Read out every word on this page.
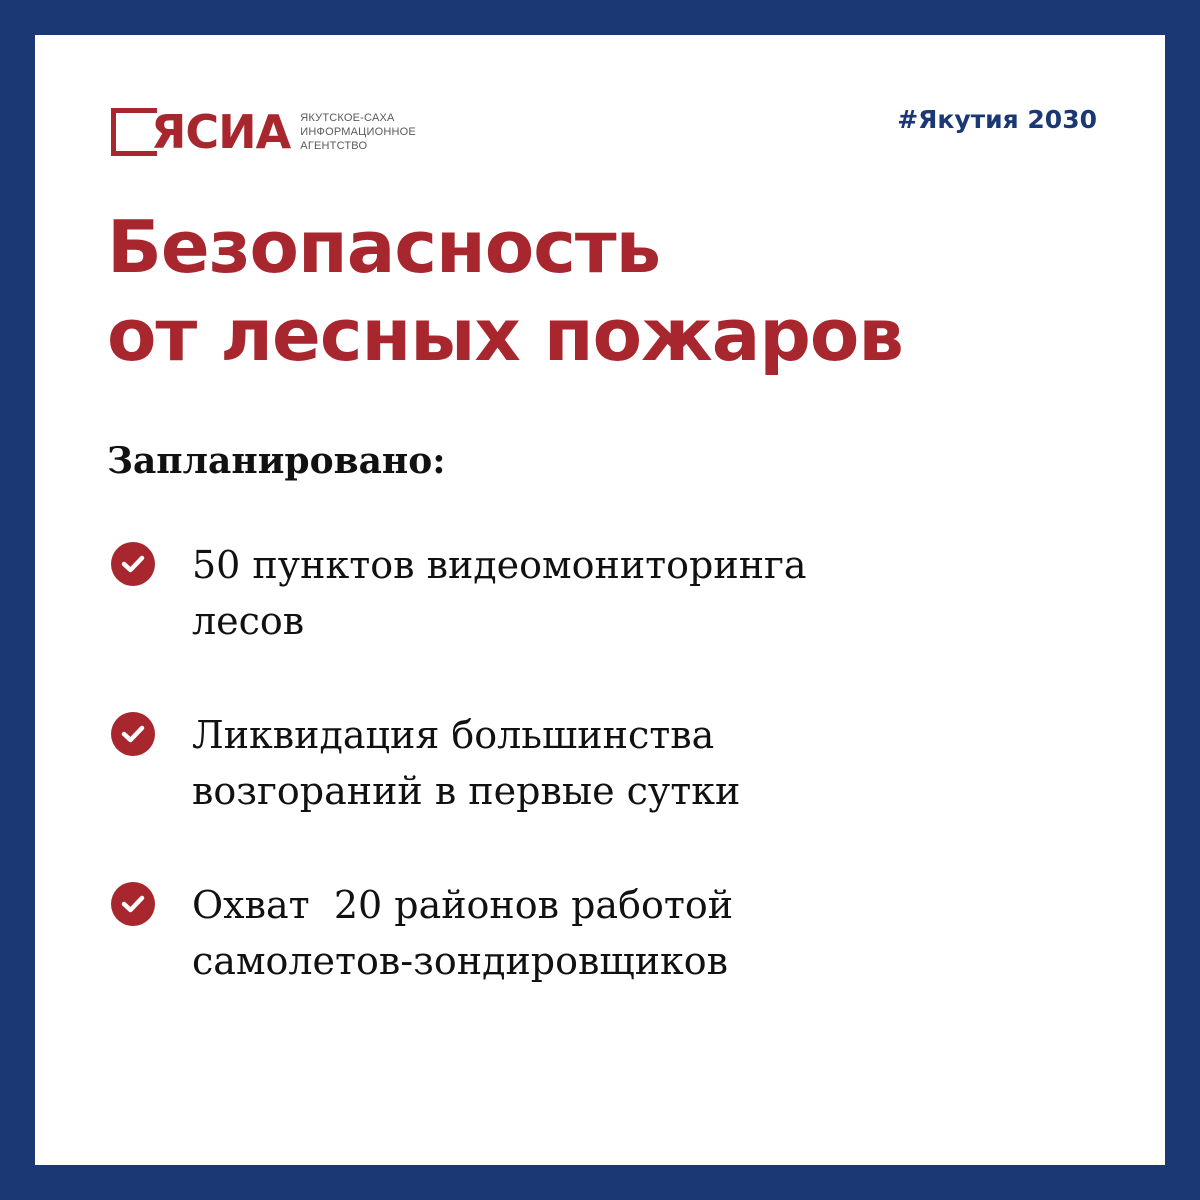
ЯСИА ЯКУТСКОЕ-САХА
ИНФОРМАЦИОННОЕ
АГЕНТСТВО
#Якутия 2030
Безопасность
от лесных пожаров
Запланировано:
50 пунктов видеомониторинга
лесов
Ликвидация большинства
возгораний в первые сутки
Охват  20 районов работой
самолетов-зондировщиков
